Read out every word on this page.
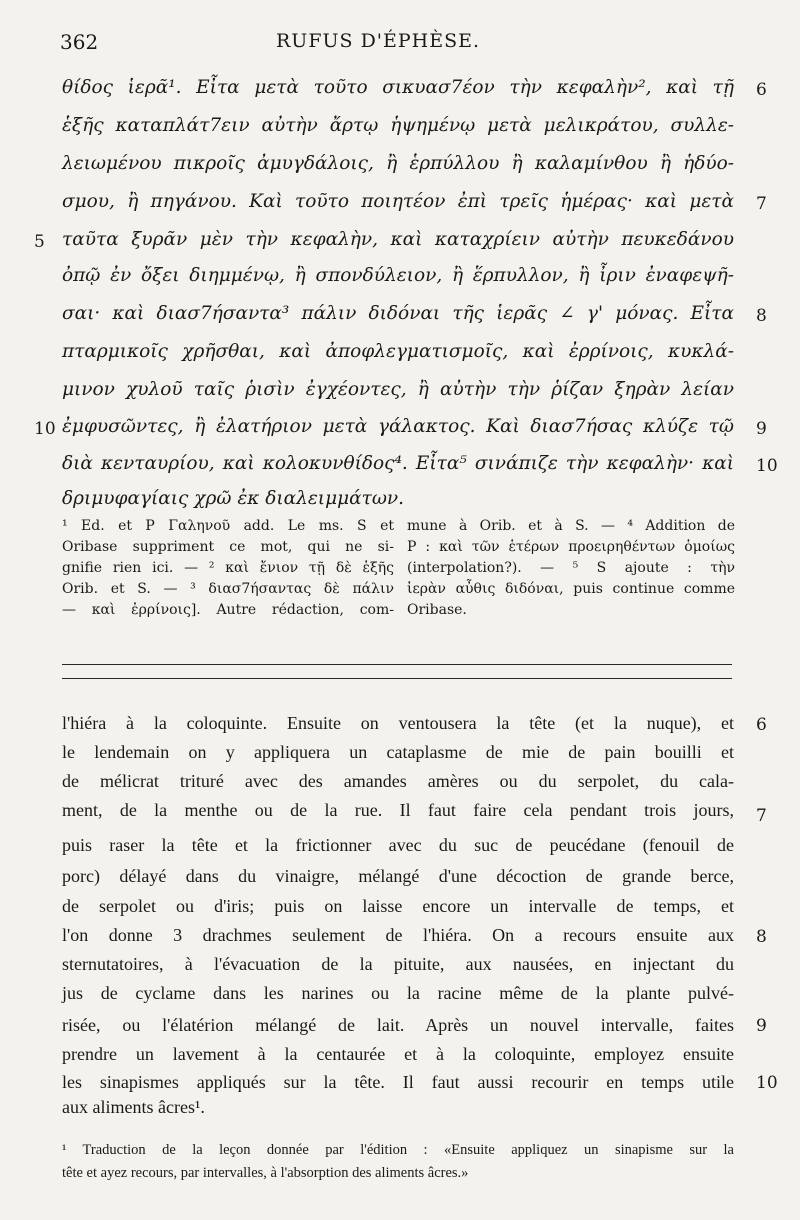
362	RUFUS D'ÉPHÈSE.
θίδος ἱερᾶ¹. Εἶτα μετὰ τοῦτο σικυασ7έον τὴν κεφαλὴν², καὶ τῇ
ἑξῆς καταπλάτ7ειν αὐτὴν ἄρτῳ ἡψημένῳ μετὰ μελικράτου, συλλε-
λειωμένου πικροῖς ἀμυγδάλοις, ἢ ἑρπύλλου ἢ καλαμίνθου ἢ ἡδύο-
σμου, ἢ πηγάνου. Καὶ τοῦτο ποιητέον ἐπὶ τρεῖς ἡμέρας· καὶ μετὰ
ταῦτα ξυρᾶν μὲν τὴν κεφαλὴν, καὶ καταχρίειν αὐτὴν πευκεδάνου
ὀπῷ ἐν ὄξει διημμένῳ, ἢ σπονδύλειον, ἢ ἕρπυλλον, ἢ ἶριν ἐναφεψῆ-
σαι· καὶ διασ7ήσαντα³ πάλιν διδόναι τῆς ἱερᾶς ∠ γ' μόνας. Εἶτα
πταρμικοῖς χρῆσθαι, καὶ ἀποφλεγματισμοῖς, καὶ ἐρρίνοις, κυκλά-
μινον χυλοῦ ταῖς ῥισὶν ἐγχέοντες, ἢ αὐτὴν τὴν ῥίζαν ξηρὰν λείαν
ἐμφυσῶντες, ἢ ἐλατήριον μετὰ γάλακτος. Καὶ διασ7ήσας κλύζε τῷ
διὰ κενταυρίου, καὶ κολοκυνθίδος⁴. Εἶτα⁵ σινάπιζε τὴν κεφαλὴν· καὶ
δριμυφαγίαις χρῶ ἐκ διαλειμμάτων.
5
10
6
7
8
9
10
¹ Ed. et P Γαληνοῦ add. Le ms. S et
Oribase suppriment ce mot, qui ne si-
gnifie rien ici. — ² καὶ ἔνιον τῇ δὲ ἑξῆς
Orib. et S. — ³ διασ7ήσαντας δὲ πάλιν
— καὶ ἐρρίνοις]. Autre rédaction, com-
mune à Orib. et à S. — ⁴ Addition de
P : καὶ τῶν ἑτέρων προειρηθέντων ὁμοίως
(interpolation?). — ⁵ S ajoute : τὴν
ἱερὰν αὖθις διδόναι, puis continue comme
Oribase.
l'hiéra à la coloquinte. Ensuite on ventousera la tête (et la nuque), et
le lendemain on y appliquera un cataplasme de mie de pain bouilli et
de mélicrat trituré avec des amandes amères ou du serpolet, du cala-
ment, de la menthe ou de la rue. Il faut faire cela pendant trois jours,
puis raser la tête et la frictionner avec du suc de peucédane (fenouil de
porc) délayé dans du vinaigre, mélangé d'une décoction de grande berce,
de serpolet ou d'iris; puis on laisse encore un intervalle de temps, et
l'on donne 3 drachmes seulement de l'hiéra. On a recours ensuite aux
sternutatoires, à l'évacuation de la pituite, aux nausées, en injectant du
jus de cyclame dans les narines ou la racine même de la plante pulvé-
risée, ou l'élatérion mélangé de lait. Après un nouvel intervalle, faites
prendre un lavement à la centaurée et à la coloquinte, employez ensuite
les sinapismes appliqués sur la tête. Il faut aussi recourir en temps utile
aux aliments âcres¹.
6
7
8
9
10
¹ Traduction de la leçon donnée par l'édition : «Ensuite appliquez un sinapisme sur la
tête et ayez recours, par intervalles, à l'absorption des aliments âcres.»
